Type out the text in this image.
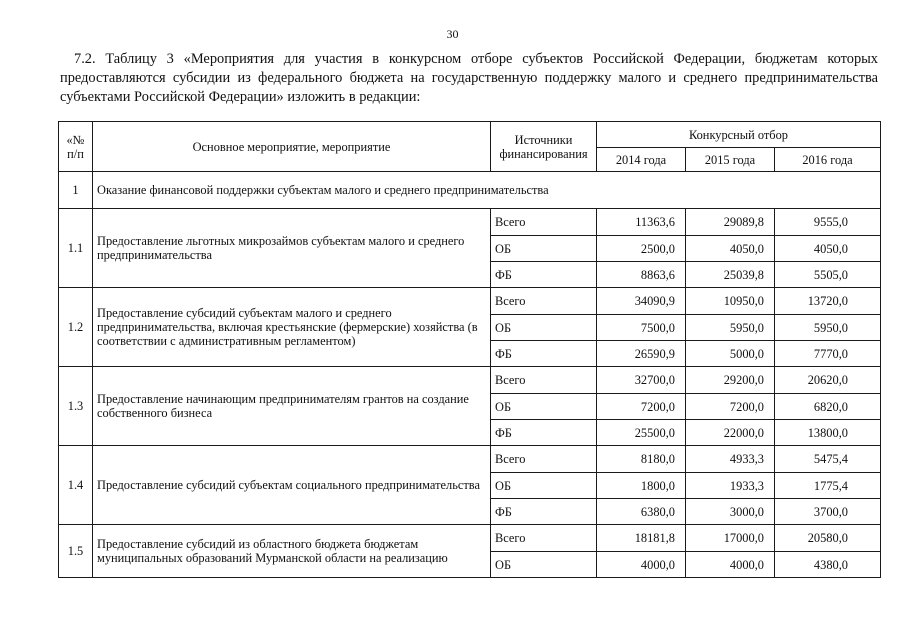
30
7.2. Таблицу 3 «Мероприятия для участия в конкурсном отборе субъектов Российской Федерации, бюджетам которых предоставляются субсидии из федерального бюджета на государственную поддержку малого и среднего предпринимательства субъектами Российской Федерации» изложить в редакции:
«№ п/п	Основное мероприятие, мероприятие	Источники финансирования	Конкурсный отбор		
			2014 года	2015 года	2016 года
1	Оказание финансовой поддержки субъектам малого и среднего предпринимательства				
1.1	Предоставление льготных микрозаймов субъектам малого и среднего предпринимательства	Всего	11363,6	29089,8	9555,0
		ОБ	2500,0	4050,0	4050,0
		ФБ	8863,6	25039,8	5505,0
1.2	Предоставление субсидий субъектам малого и среднего предпринимательства, включая крестьянские (фермерские) хозяйства (в соответствии с административным регламентом)	Всего	34090,9	10950,0	13720,0
		ОБ	7500,0	5950,0	5950,0
		ФБ	26590,9	5000,0	7770,0
1.3	Предоставление начинающим предпринимателям грантов на создание собственного бизнеса	Всего	32700,0	29200,0	20620,0
		ОБ	7200,0	7200,0	6820,0
		ФБ	25500,0	22000,0	13800,0
1.4	Предоставление субсидий субъектам социального предпринимательства	Всего	8180,0	4933,3	5475,4
		ОБ	1800,0	1933,3	1775,4
		ФБ	6380,0	3000,0	3700,0
1.5	Предоставление субсидий из областного бюджета бюджетам муниципальных образований Мурманской области на реализацию	Всего	18181,8	17000,0	20580,0
		ОБ	4000,0	4000,0	4380,0
